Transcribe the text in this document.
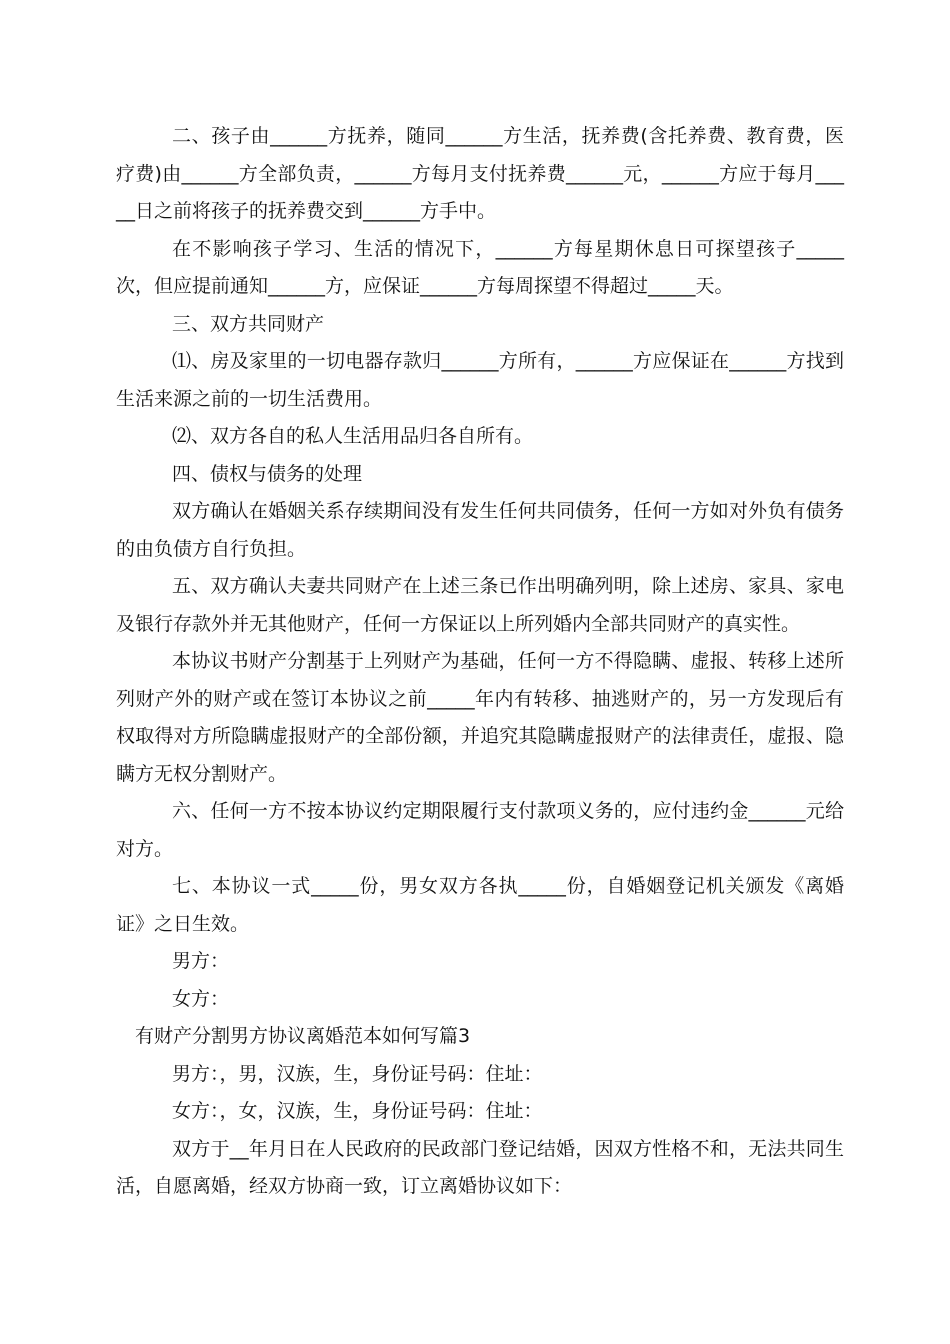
二、孩子由______方抚养，随同______方生活，抚养费(含托养费、教育费，医疗费)由______方全部负责，______方每月支付抚养费______元，______方应于每月_____日之前将孩子的抚养费交到______方手中。

在不影响孩子学习、生活的情况下，______方每星期休息日可探望孩子_____次，但应提前通知______方，应保证______方每周探望不得超过_____天。

三、双方共同财产

⑴、房及家里的一切电器存款归______方所有，______方应保证在______方找到生活来源之前的一切生活费用。

⑵、双方各自的私人生活用品归各自所有。

四、债权与债务的处理

双方确认在婚姻关系存续期间没有发生任何共同债务，任何一方如对外负有债务的由负债方自行负担。

五、双方确认夫妻共同财产在上述三条已作出明确列明，除上述房、家具、家电及银行存款外并无其他财产，任何一方保证以上所列婚内全部共同财产的真实性。

本协议书财产分割基于上列财产为基础，任何一方不得隐瞒、虚报、转移上述所列财产外的财产或在签订本协议之前_____年内有转移、抽逃财产的，另一方发现后有权取得对方所隐瞒虚报财产的全部份额，并追究其隐瞒虚报财产的法律责任，虚报、隐瞒方无权分割财产。

六、任何一方不按本协议约定期限履行支付款项义务的，应付违约金______元给对方。

七、本协议一式_____份，男女双方各执_____份，自婚姻登记机关颁发《离婚证》之日生效。

男方：

女方：

有财产分割男方协议离婚范本如何写篇3

男方：，男，汉族，生，身份证号码：住址：

女方：，女，汉族，生，身份证号码：住址：

双方于__年月日在人民政府的民政部门登记结婚，因双方性格不和，无法共同生活，自愿离婚，经双方协商一致，订立离婚协议如下：
